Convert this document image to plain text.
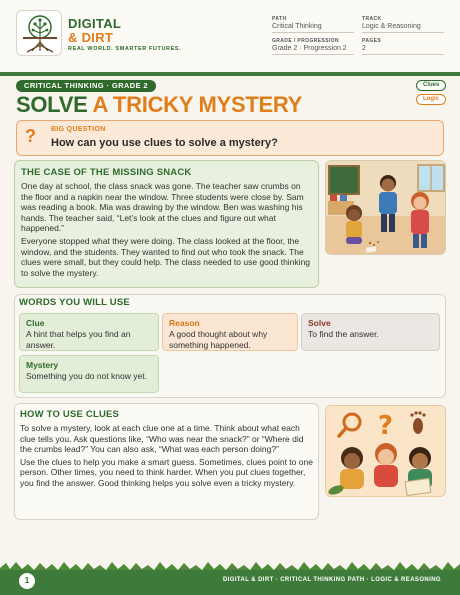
DIGITAL
& DIRT
REAL WORLD. SMARTER FUTURES.
PATH
Critical Thinking
TRACK
Logic & Reasoning
GRADE / PROGRESSION
Grade 2 · Progression 2
PAGES
2
CRITICAL THINKING · GRADE 2
SOLVE A TRICKY MYSTERY
Clues
Logic
? BIG QUESTION
How can you use clues to solve a mystery?
THE CASE OF THE MISSING SNACK

One day at school, the class snack was gone. The teacher saw crumbs on the floor and a napkin near the window. Three students were close by. Sam was reading a book. Mia was drawing by the window. Ben was washing his hands. The teacher said, “Let’s look at the clues and figure out what happened.”

Everyone stopped what they were doing. The class looked at the floor, the window, and the students. They wanted to find out who took the snack. The clues were small, but they could help. The class needed to use good thinking to solve the mystery.

WORDS YOU WILL USE
Clue
A hint that helps you find an answer.
Reason
A good thought about why something happened.
Solve
To find the answer.
Mystery
Something you do not know yet.
HOW TO USE CLUES

To solve a mystery, look at each clue one at a time. Think about what each clue tells you. Ask questions like, “Who was near the snack?” or “Where did the crumbs lead?” You can also ask, “What was each person doing?”

Use the clues to help you make a smart guess. Sometimes, clues point to one person. Other times, you need to think harder. When you put clues together, you find the answer. Good thinking helps you solve even a tricky mystery.

?
1	DIGITAL & DIRT · CRITICAL THINKING PATH · LOGIC & REASONING
